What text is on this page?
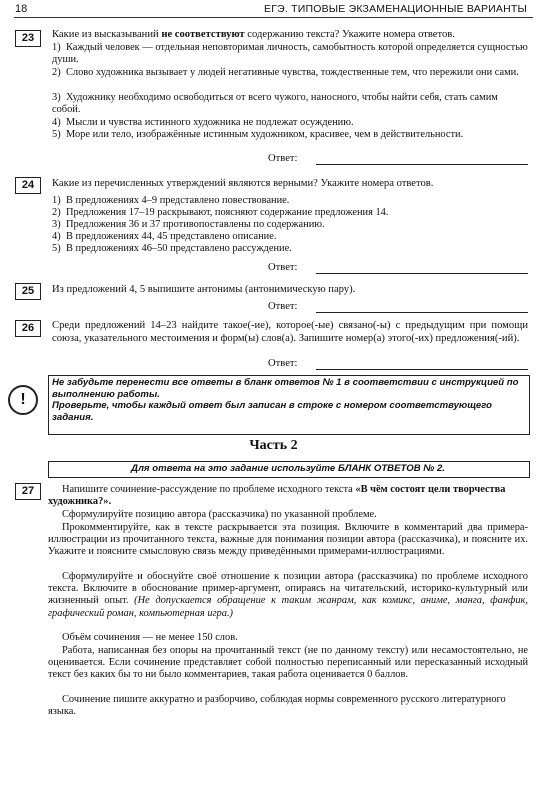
18	ЕГЭ. ТИПОВЫЕ ЭКЗАМЕНАЦИОННЫЕ ВАРИАНТЫ
23	Какие из высказываний не соответствуют содержанию текста? Укажите номера ответов.
1) Каждый человек — отдельная неповторимая личность, самобытность которой определяется сущностью души.
2) Слово художника вызывает у людей негативные чувства, тождественные тем, что пережили они сами.
3) Художнику необходимо освободиться от всего чужого, наносного, чтобы найти себя, стать самим собой.
4) Мысли и чувства истинного художника не подлежат осуждению.
5) Море или тело, изображённые истинным художником, красивее, чем в действительности.
Ответ:
24	Какие из перечисленных утверждений являются верными? Укажите номера ответов.
1) В предложениях 4–9 представлено повествование.
2) Предложения 17–19 раскрывают, поясняют содержание предложения 14.
3) Предложения 36 и 37 противопоставлены по содержанию.
4) В предложениях 44, 45 представлено описание.
5) В предложениях 46–50 представлено рассуждение.
Ответ:
25	Из предложений 4, 5 выпишите антонимы (антонимическую пару).
Ответ:
26	Среди предложений 14–23 найдите такое(-ие), которое(-ые) связано(-ы) с предыдущим при помощи союза, указательного местоимения и форм(ы) слов(а). Запишите номер(а) этого(-их) предложения(-ий).
Ответ:
!
Не забудьте перенести все ответы в бланк ответов № 1 в соответствии с инструкцией по выполнению работы.
Проверьте, чтобы каждый ответ был записан в строке с номером соответствующего задания.
Часть 2
Для ответа на это задание используйте БЛАНК ОТВЕТОВ № 2.
27	Напишите сочинение-рассуждение по проблеме исходного текста «В чём состоят цели творчества художника?».
Сформулируйте позицию автора (рассказчика) по указанной проблеме.
Прокомментируйте, как в тексте раскрывается эта позиция. Включите в комментарий два примера-иллюстрации из прочитанного текста, важные для понимания позиции автора (рассказчика), и поясните их. Укажите и поясните смысловую связь между приведёнными примерами-иллюстрациями.
Сформулируйте и обоснуйте своё отношение к позиции автора (рассказчика) по проблеме исходного текста. Включите в обоснование пример-аргумент, опираясь на читательский, историко-культурный или жизненный опыт. (Не допускается обращение к таким жанрам, как комикс, аниме, манга, фанфик, графический роман, компьютерная игра.)
Объём сочинения — не менее 150 слов.
Работа, написанная без опоры на прочитанный текст (не по данному тексту) или несамостоятельно, не оценивается. Если сочинение представляет собой полностью переписанный или пересказанный исходный текст без каких бы то ни было комментариев, такая работа оценивается 0 баллов.
Сочинение пишите аккуратно и разборчиво, соблюдая нормы современного русского литературного языка.
